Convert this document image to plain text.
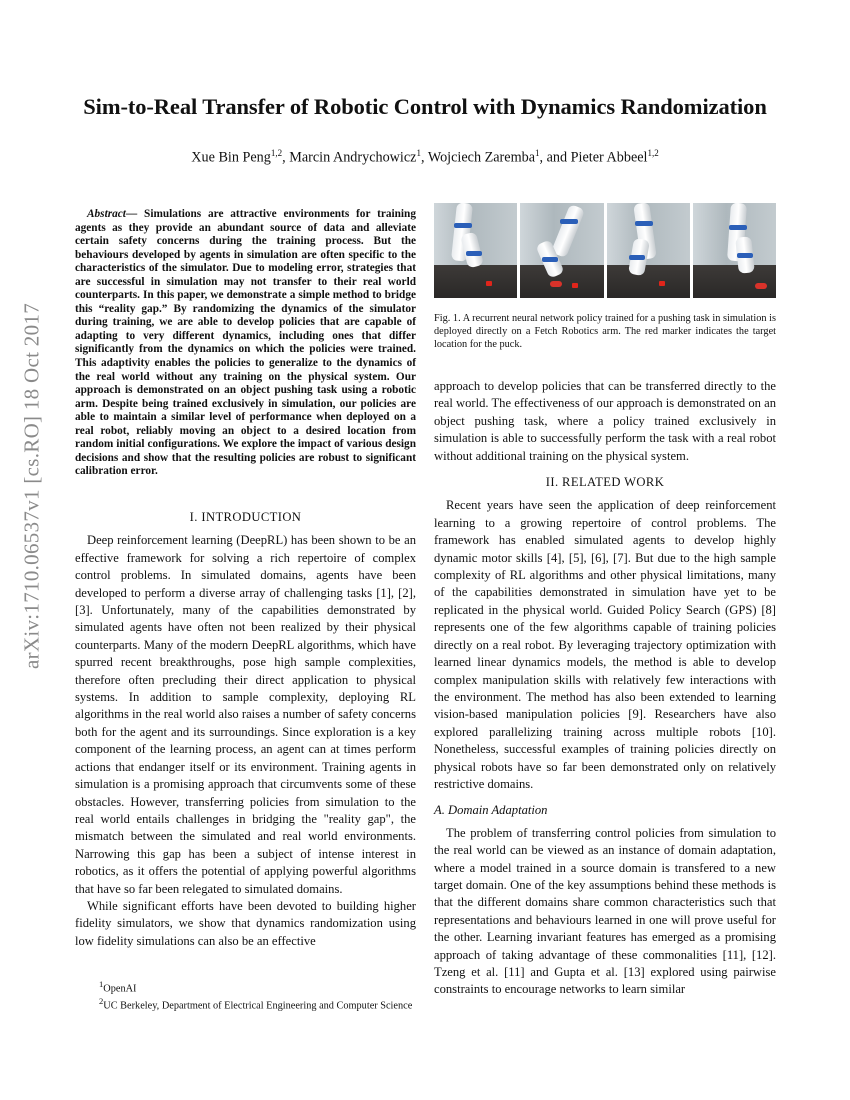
arXiv:1710.06537v1 [cs.RO] 18 Oct 2017
Sim-to-Real Transfer of Robotic Control with Dynamics Randomization
Xue Bin Peng$^{1,2}$, Marcin Andrychowicz$^1$, Wojciech Zaremba$^1$, and Pieter Abbeel$^{1,2}$

Abstract— Simulations are attractive environments for training agents as they provide an abundant source of data and alleviate certain safety concerns during the training process. But the behaviours developed by agents in simulation are often specific to the characteristics of the simulator. Due to modeling error, strategies that are successful in simulation may not transfer to their real world counterparts. In this paper, we demonstrate a simple method to bridge this “reality gap.” By randomizing the dynamics of the simulator during training, we are able to develop policies that are capable of adapting to very different dynamics, including ones that differ significantly from the dynamics on which the policies were trained. This adaptivity enables the policies to generalize to the dynamics of the real world without any training on the physical system. Our approach is demonstrated on an object pushing task using a robotic arm. Despite being trained exclusively in simulation, our policies are able to maintain a similar level of performance when deployed on a real robot, reliably moving an object to a desired location from random initial configurations. We explore the impact of various design decisions and show that the resulting policies are robust to significant calibration error.

I. INTRODUCTION

Deep reinforcement learning (DeepRL) has been shown to be an effective framework for solving a rich repertoire of complex control problems. In simulated domains, agents have been developed to perform a diverse array of challenging tasks [1], [2], [3]. Unfortunately, many of the capabilities demonstrated by simulated agents have often not been realized by their physical counterparts. Many of the modern DeepRL algorithms, which have spurred recent breakthroughs, pose high sample complexities, therefore often precluding their direct application to physical systems. In addition to sample complexity, deploying RL algorithms in the real world also raises a number of safety concerns both for the agent and its surroundings. Since exploration is a key component of the learning process, an agent can at times perform actions that endanger itself or its environment. Training agents in simulation is a promising approach that circumvents some of these obstacles. However, transferring policies from simulation to the real world entails challenges in bridging the "reality gap", the mismatch between the simulated and real world environments. Narrowing this gap has been a subject of intense interest in robotics, as it offers the potential of applying powerful algorithms that have so far been relegated to simulated domains.

While significant efforts have been devoted to building higher fidelity simulators, we show that dynamics randomization using low fidelity simulations can also be an effective

$^1$OpenAI
$^2$UC Berkeley, Department of Electrical Engineering and Computer Science
Fig. 1. A recurrent neural network policy trained for a pushing task in simulation is deployed directly on a Fetch Robotics arm. The red marker indicates the target location for the puck.

approach to develop policies that can be transferred directly to the real world. The effectiveness of our approach is demonstrated on an object pushing task, where a policy trained exclusively in simulation is able to successfully perform the task with a real robot without additional training on the physical system.

II. RELATED WORK

Recent years have seen the application of deep reinforcement learning to a growing repertoire of control problems. The framework has enabled simulated agents to develop highly dynamic motor skills [4], [5], [6], [7]. But due to the high sample complexity of RL algorithms and other physical limitations, many of the capabilities demonstrated in simulation have yet to be replicated in the physical world. Guided Policy Search (GPS) [8] represents one of the few algorithms capable of training policies directly on a real robot. By leveraging trajectory optimization with learned linear dynamics models, the method is able to develop complex manipulation skills with relatively few interactions with the environment. The method has also been extended to learning vision-based manipulation policies [9]. Researchers have also explored parallelizing training across multiple robots [10]. Nonetheless, successful examples of training policies directly on physical robots have so far been demonstrated only on relatively restrictive domains.

A. Domain Adaptation

The problem of transferring control policies from simulation to the real world can be viewed as an instance of domain adaptation, where a model trained in a source domain is transfered to a new target domain. One of the key assumptions behind these methods is that the different domains share common characteristics such that representations and behaviours learned in one will prove useful for the other. Learning invariant features has emerged as a promising approach of taking advantage of these commonalities [11], [12]. Tzeng et al. [11] and Gupta et al. [13] explored using pairwise constraints to encourage networks to learn similar
